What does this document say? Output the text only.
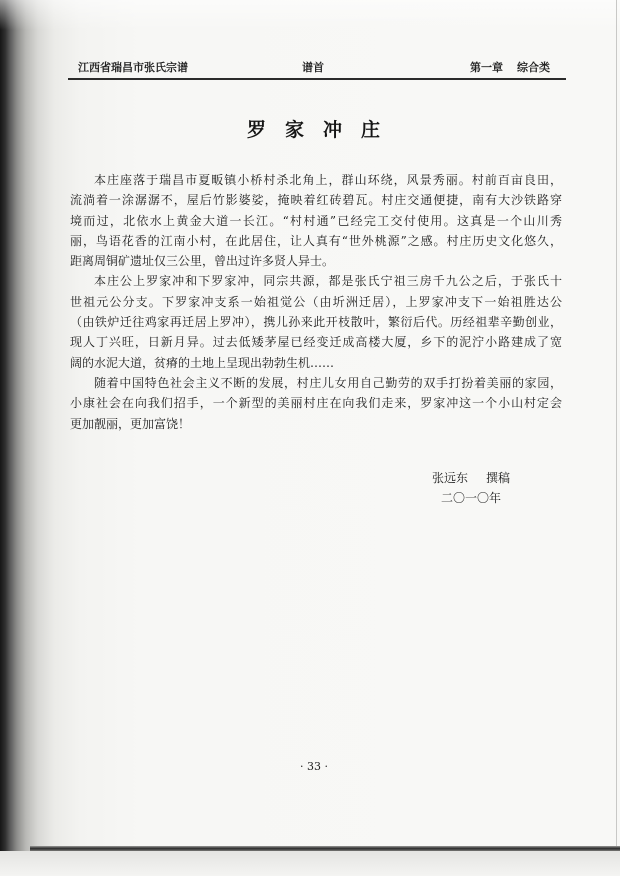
江西省瑞昌市张氏宗谱	谱首	第一章 综合类
罗家冲庄
本庄座落于瑞昌市夏畈镇小桥村杀北角上，群山环绕，风景秀丽。村前百亩良田，
流淌着一涂潺潺不，屋后竹影婆娑，掩映着红砖碧瓦。村庄交通便捷，南有大沙铁路穿
境而过，北依水上黄金大道一长江。“村村通”已经完工交付使用。这真是一个山川秀
丽，鸟语花香的江南小村，在此居住，让人真有“世外桃源”之感。村庄历史文化悠久，
距离周铜矿遗址仅三公里，曾出过许多贤人异士。
本庄公上罗家冲和下罗家冲，同宗共源，都是张氏宁祖三房千九公之后，于张氏十
世祖元公分支。下罗家冲支系一始祖觉公（由圻洲迁居），上罗家冲支下一始祖胜达公
（由铁炉迁往鸡家再迁居上罗冲），携儿孙来此开枝散叶，繁衍后代。历经祖辈辛勤创业，
现人丁兴旺，日新月异。过去低矮茅屋已经变迁成高楼大厦，乡下的泥泞小路建成了宽
阔的水泥大道，贫瘠的土地上呈现出勃勃生机……
随着中国特色社会主义不断的发展，村庄儿女用自己勤劳的双手打扮着美丽的家园，
小康社会在向我们招手，一个新型的美丽村庄在向我们走来，罗家冲这一个小山村定会
更加靓丽，更加富饶！
张远东 撰稿
二〇一〇年
· 33 ·
